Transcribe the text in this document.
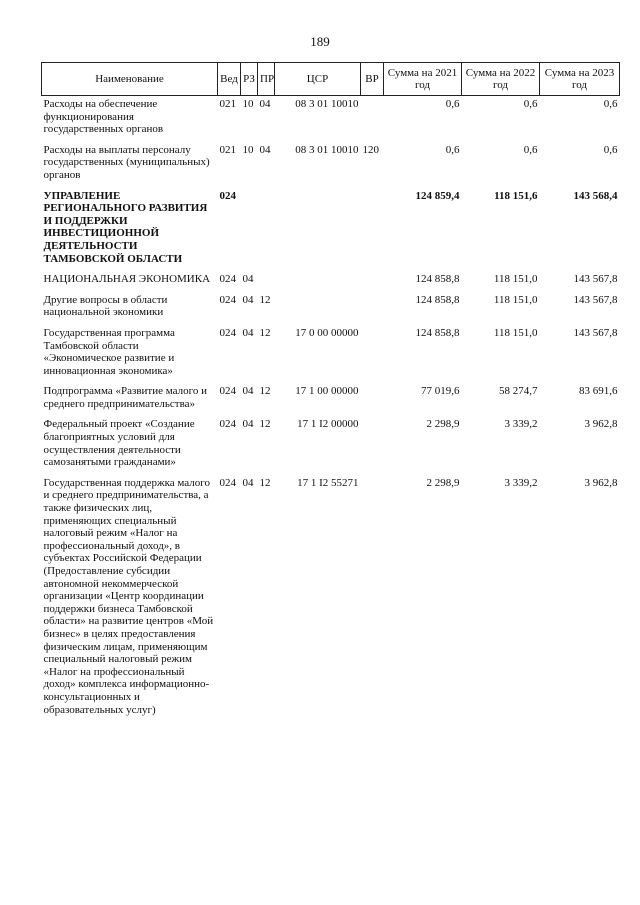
189
Наименование	Вед	РЗ	ПР	ЦСР	ВР	Сумма на 2021 год	Сумма на 2022 год	Сумма на 2023 год
Расходы на обеспечение функционирования государственных органов	021	10	04	08 3 01 10010		0,6	0,6	0,6
Расходы на выплаты персоналу государственных (муниципальных) органов	021	10	04	08 3 01 10010	120	0,6	0,6	0,6
УПРАВЛЕНИЕ РЕГИОНАЛЬНОГО РАЗВИТИЯ И ПОДДЕРЖКИ ИНВЕСТИЦИОННОЙ ДЕЯТЕЛЬНОСТИ ТАМБОВСКОЙ ОБЛАСТИ	024					124 859,4	118 151,6	143 568,4
НАЦИОНАЛЬНАЯ ЭКОНОМИКА	024	04				124 858,8	118 151,0	143 567,8
Другие вопросы в области национальной экономики	024	04	12			124 858,8	118 151,0	143 567,8
Государственная программа Тамбовской области «Экономическое развитие и инновационная экономика»	024	04	12	17 0 00 00000		124 858,8	118 151,0	143 567,8
Подпрограмма «Развитие малого и среднего предпринимательства»	024	04	12	17 1 00 00000		77 019,6	58 274,7	83 691,6
Федеральный проект «Создание благоприятных условий для осуществления деятельности самозанятыми гражданами»	024	04	12	17 1 I2 00000		2 298,9	3 339,2	3 962,8
Государственная поддержка малого и среднего предпринимательства, а также физических лиц, применяющих специальный налоговый режим «Налог на профессиональный доход», в субъектах Российской Федерации (Предоставление субсидии автономной некоммерческой организации «Центр координации поддержки бизнеса Тамбовской области» на развитие центров «Мой бизнес» в целях предоставления физическим лицам, применяющим специальный налоговый режим «Налог на профессиональный доход» комплекса информационно-консультационных и образовательных услуг)	024	04	12	17 1 I2 55271		2 298,9	3 339,2	3 962,8
